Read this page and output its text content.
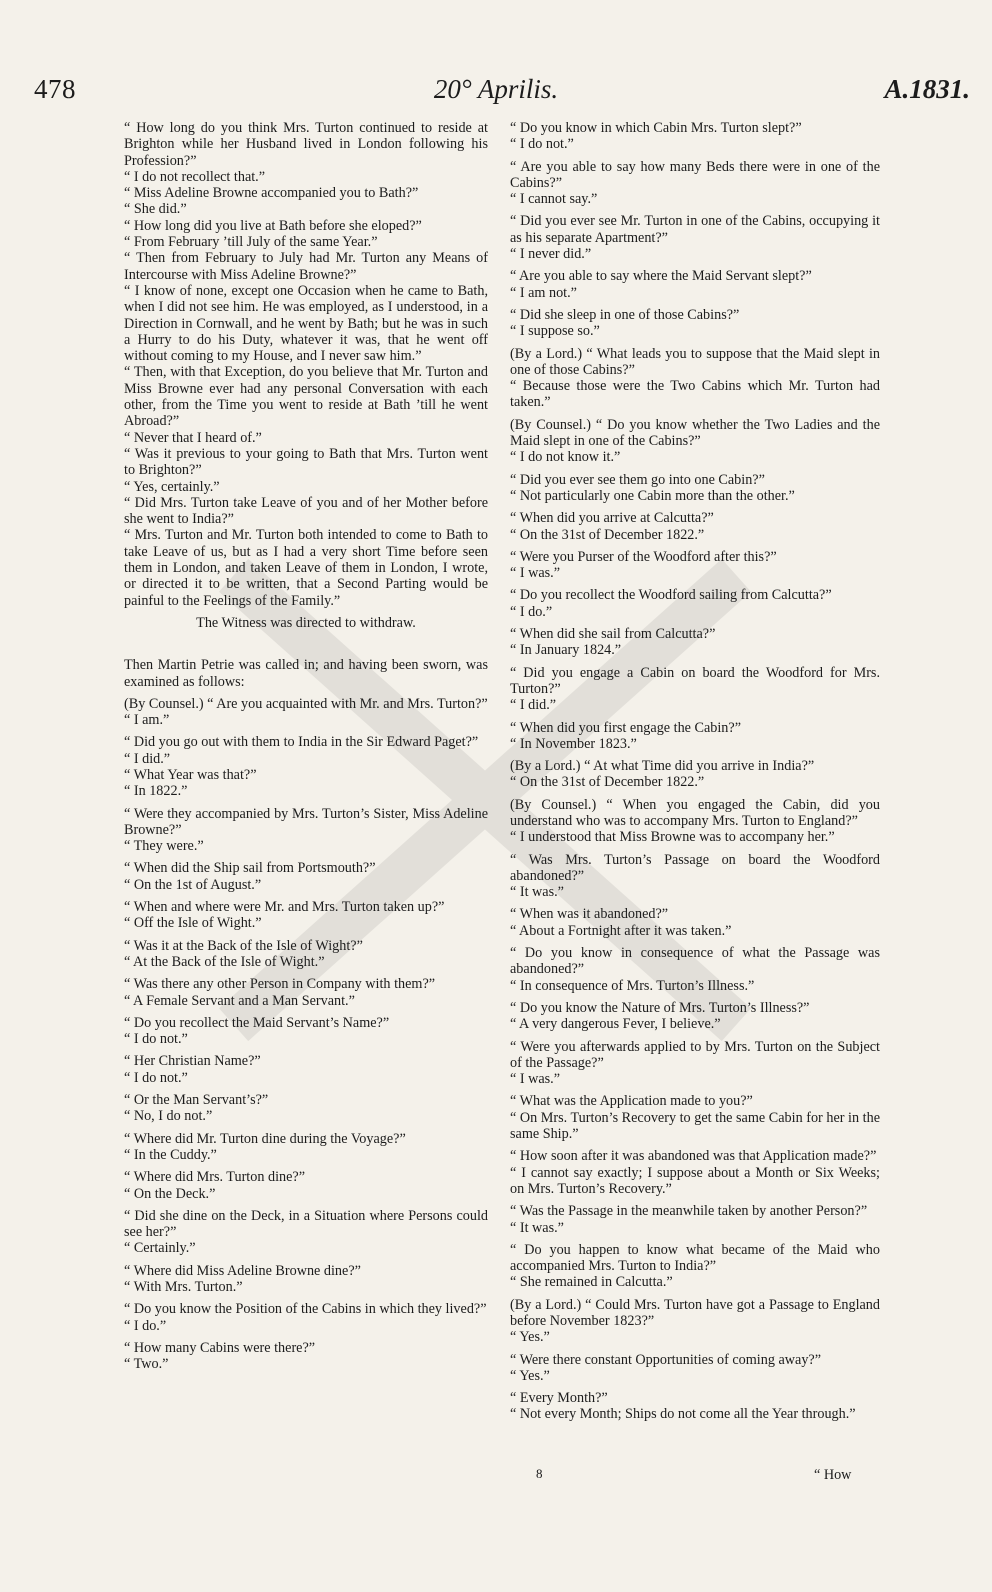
478	20° Aprilis.	A.1831.

“ How long do you think Mrs. Turton continued to reside at Brighton while her Husband lived in London following his Profession?”

“ I do not recollect that.”

“ Miss Adeline Browne accompanied you to Bath?”

“ She did.”

“ How long did you live at Bath before she eloped?”

“ From February ’till July of the same Year.”

“ Then from February to July had Mr. Turton any Means of Intercourse with Miss Adeline Browne?”

“ I know of none, except one Occasion when he came to Bath, when I did not see him. He was employed, as I understood, in a Direction in Cornwall, and he went by Bath; but he was in such a Hurry to do his Duty, whatever it was, that he went off without coming to my House, and I never saw him.”

“ Then, with that Exception, do you believe that Mr. Turton and Miss Browne ever had any personal Conversation with each other, from the Time you went to reside at Bath ’till he went Abroad?”

“ Never that I heard of.”

“ Was it previous to your going to Bath that Mrs. Turton went to Brighton?”

“ Yes, certainly.”

“ Did Mrs. Turton take Leave of you and of her Mother before she went to India?”

“ Mrs. Turton and Mr. Turton both intended to come to Bath to take Leave of us, but as I had a very short Time before seen them in London, and taken Leave of them in London, I wrote, or directed it to be written, that a Second Parting would be painful to the Feelings of the Family.”

The Witness was directed to withdraw.

Then Martin Petrie was called in; and having been sworn, was examined as follows:

(By Counsel.) “ Are you acquainted with Mr. and Mrs. Turton?”

“ I am.”

“ Did you go out with them to India in the Sir Edward Paget?”

“ I did.”

“ What Year was that?”

“ In 1822.”

“ Were they accompanied by Mrs. Turton’s Sister, Miss Adeline Browne?”

“ They were.”

“ When did the Ship sail from Portsmouth?”

“ On the 1st of August.”

“ When and where were Mr. and Mrs. Turton taken up?”

“ Off the Isle of Wight.”

“ Was it at the Back of the Isle of Wight?”

“ At the Back of the Isle of Wight.”

“ Was there any other Person in Company with them?”

“ A Female Servant and a Man Servant.”

“ Do you recollect the Maid Servant’s Name?”

“ I do not.”

“ Her Christian Name?”

“ I do not.”

“ Or the Man Servant’s?”

“ No, I do not.”

“ Where did Mr. Turton dine during the Voyage?”

“ In the Cuddy.”

“ Where did Mrs. Turton dine?”

“ On the Deck.”

“ Did she dine on the Deck, in a Situation where Persons could see her?”

“ Certainly.”

“ Where did Miss Adeline Browne dine?”

“ With Mrs. Turton.”

“ Do you know the Position of the Cabins in which they lived?”

“ I do.”

“ How many Cabins were there?”

“ Two.”

“ Do you know in which Cabin Mrs. Turton slept?”

“ I do not.”

“ Are you able to say how many Beds there were in one of the Cabins?”

“ I cannot say.”

“ Did you ever see Mr. Turton in one of the Cabins, occupying it as his separate Apartment?”

“ I never did.”

“ Are you able to say where the Maid Servant slept?”

“ I am not.”

“ Did she sleep in one of those Cabins?”

“ I suppose so.”

(By a Lord.) “ What leads you to suppose that the Maid slept in one of those Cabins?”

“ Because those were the Two Cabins which Mr. Turton had taken.”

(By Counsel.) “ Do you know whether the Two Ladies and the Maid slept in one of the Cabins?”

“ I do not know it.”

“ Did you ever see them go into one Cabin?”

“ Not particularly one Cabin more than the other.”

“ When did you arrive at Calcutta?”

“ On the 31st of December 1822.”

“ Were you Purser of the Woodford after this?”

“ I was.”

“ Do you recollect the Woodford sailing from Calcutta?”

“ I do.”

“ When did she sail from Calcutta?”

“ In January 1824.”

“ Did you engage a Cabin on board the Woodford for Mrs. Turton?”

“ I did.”

“ When did you first engage the Cabin?”

“ In November 1823.”

(By a Lord.) “ At what Time did you arrive in India?”

“ On the 31st of December 1822.”

(By Counsel.) “ When you engaged the Cabin, did you understand who was to accompany Mrs. Turton to England?”

“ I understood that Miss Browne was to accompany her.”

“ Was Mrs. Turton’s Passage on board the Woodford abandoned?”

“ It was.”

“ When was it abandoned?”

“ About a Fortnight after it was taken.”

“ Do you know in consequence of what the Passage was abandoned?”

“ In consequence of Mrs. Turton’s Illness.”

“ Do you know the Nature of Mrs. Turton’s Illness?”

“ A very dangerous Fever, I believe.”

“ Were you afterwards applied to by Mrs. Turton on the Subject of the Passage?”

“ I was.”

“ What was the Application made to you?”

“ On Mrs. Turton’s Recovery to get the same Cabin for her in the same Ship.”

“ How soon after it was abandoned was that Application made?”

“ I cannot say exactly; I suppose about a Month or Six Weeks; on Mrs. Turton’s Recovery.”

“ Was the Passage in the meanwhile taken by another Person?”

“ It was.”

“ Do you happen to know what became of the Maid who accompanied Mrs. Turton to India?”

“ She remained in Calcutta.”

(By a Lord.) “ Could Mrs. Turton have got a Passage to England before November 1823?”

“ Yes.”

“ Were there constant Opportunities of coming away?”

“ Yes.”

“ Every Month?”

“ Not every Month; Ships do not come all the Year through.”

8	“ How
